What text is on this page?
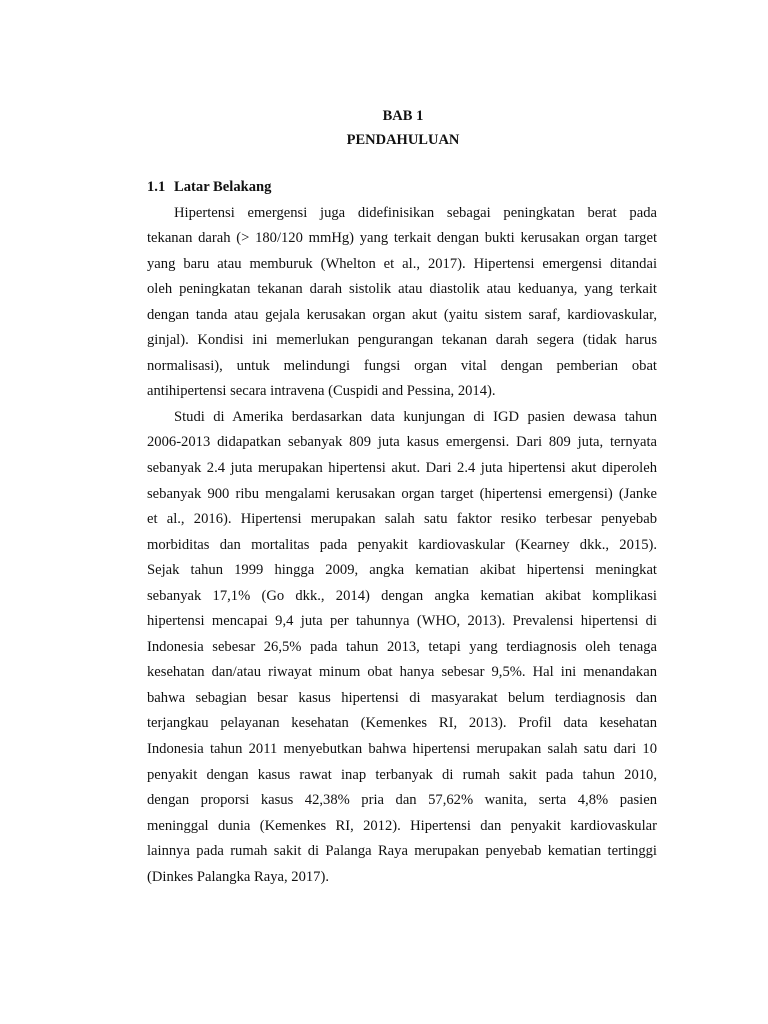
BAB 1
PENDAHULUAN
1.1 Latar Belakang
Hipertensi emergensi juga didefinisikan sebagai peningkatan berat pada
tekanan darah (> 180/120 mmHg) yang terkait dengan bukti kerusakan organ target
yang baru atau memburuk (Whelton et al., 2017). Hipertensi emergensi ditandai
oleh peningkatan tekanan darah sistolik atau diastolik atau keduanya, yang terkait
dengan tanda atau gejala kerusakan organ akut (yaitu sistem saraf, kardiovaskular,
ginjal). Kondisi ini memerlukan pengurangan tekanan darah segera (tidak harus
normalisasi), untuk melindungi fungsi organ vital dengan pemberian obat
antihipertensi secara intravena (Cuspidi and Pessina, 2014).
Studi di Amerika berdasarkan data kunjungan di IGD pasien dewasa tahun
2006-2013 didapatkan sebanyak 809 juta kasus emergensi. Dari 809 juta, ternyata
sebanyak 2.4 juta merupakan hipertensi akut. Dari 2.4 juta hipertensi akut diperoleh
sebanyak 900 ribu mengalami kerusakan organ target (hipertensi emergensi) (Janke
et al., 2016). Hipertensi merupakan salah satu faktor resiko terbesar penyebab
morbiditas dan mortalitas pada penyakit kardiovaskular (Kearney dkk., 2015).
Sejak tahun 1999 hingga 2009, angka kematian akibat hipertensi meningkat
sebanyak 17,1% (Go dkk., 2014) dengan angka kematian akibat komplikasi
hipertensi mencapai 9,4 juta per tahunnya (WHO, 2013). Prevalensi hipertensi di
Indonesia sebesar 26,5% pada tahun 2013, tetapi yang terdiagnosis oleh tenaga
kesehatan dan/atau riwayat minum obat hanya sebesar 9,5%. Hal ini menandakan
bahwa sebagian besar kasus hipertensi di masyarakat belum terdiagnosis dan
terjangkau pelayanan kesehatan (Kemenkes RI, 2013). Profil data kesehatan
Indonesia tahun 2011 menyebutkan bahwa hipertensi merupakan salah satu dari 10
penyakit dengan kasus rawat inap terbanyak di rumah sakit pada tahun 2010,
dengan proporsi kasus 42,38% pria dan 57,62% wanita, serta 4,8% pasien
meninggal dunia (Kemenkes RI, 2012). Hipertensi dan penyakit kardiovaskular
lainnya pada rumah sakit di Palanga Raya merupakan penyebab kematian tertinggi
(Dinkes Palangka Raya, 2017).
